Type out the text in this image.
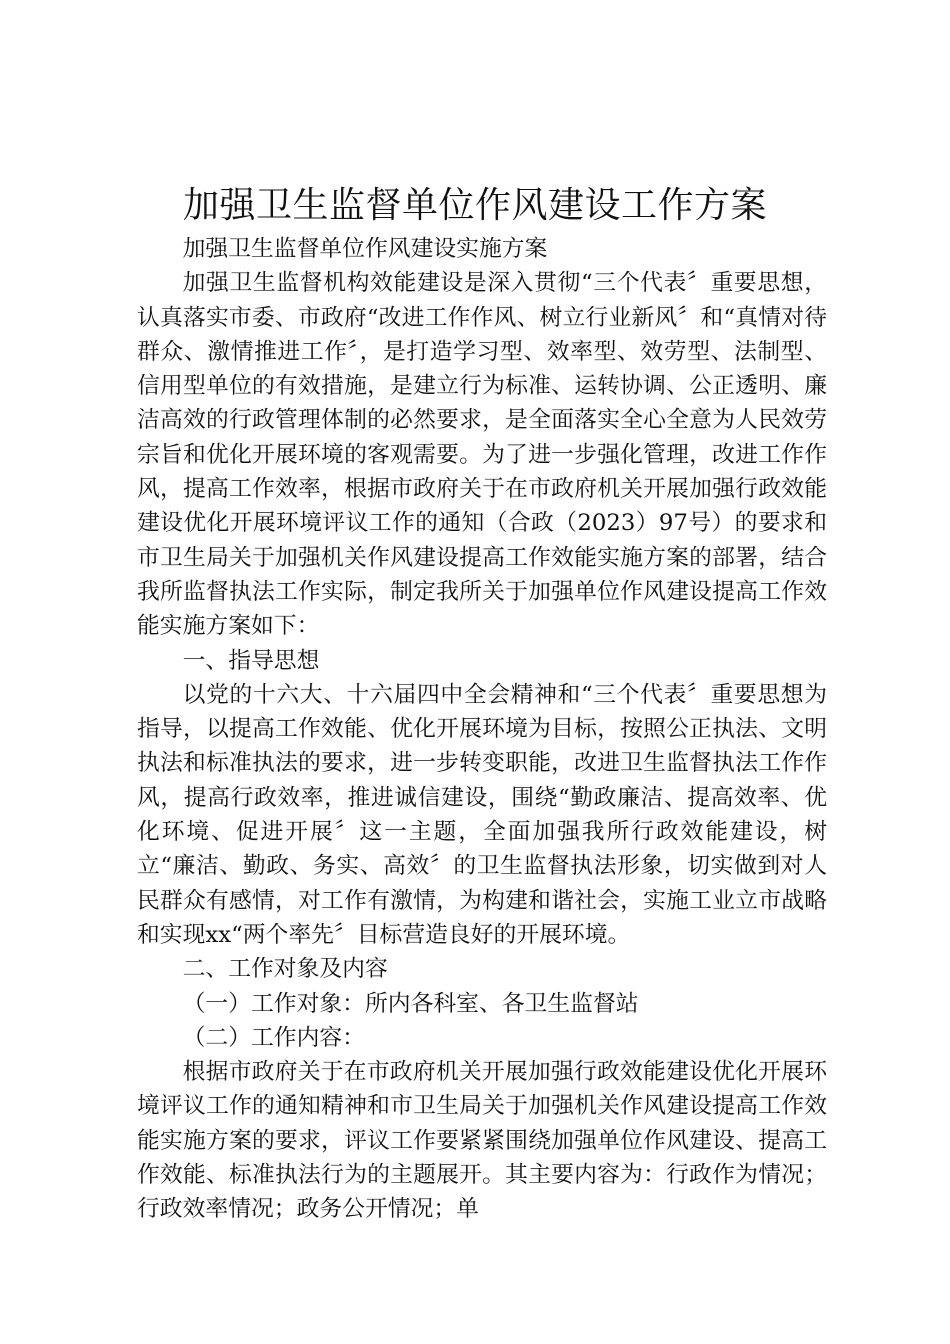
加强卫生监督单位作风建设工作方案

加强卫生监督单位作风建设实施方案

加强卫生监督机构效能建设是深入贯彻“三个代表〞重要思想，认真落实市委、市政府“改进工作作风、树立行业新风〞和“真情对待群众、激情推进工作〞，是打造学习型、效率型、效劳型、法制型、信用型单位的有效措施，是建立行为标准、运转协调、公正透明、廉洁高效的行政管理体制的必然要求，是全面落实全心全意为人民效劳宗旨和优化开展环境的客观需要。为了进一步强化管理，改进工作作风，提高工作效率，根据市政府关于在市政府机关开展加强行政效能建设优化开展环境评议工作的通知（合政（2023）97号）的要求和市卫生局关于加强机关作风建设提高工作效能实施方案的部署，结合我所监督执法工作实际，制定我所关于加强单位作风建设提高工作效能实施方案如下：

一、指导思想

以党的十六大、十六届四中全会精神和“三个代表〞重要思想为指导，以提高工作效能、优化开展环境为目标，按照公正执法、文明执法和标准执法的要求，进一步转变职能，改进卫生监督执法工作作风，提高行政效率，推进诚信建设，围绕“勤政廉洁、提高效率、优化环境、促进开展〞这一主题，全面加强我所行政效能建设，树立“廉洁、勤政、务实、高效〞的卫生监督执法形象，切实做到对人民群众有感情，对工作有激情，为构建和谐社会，实施工业立市战略和实现xx“两个率先〞目标营造良好的开展环境。

二、工作对象及内容

（一）工作对象：所内各科室、各卫生监督站

（二）工作内容：

根据市政府关于在市政府机关开展加强行政效能建设优化开展环境评议工作的通知精神和市卫生局关于加强机关作风建设提高工作效能实施方案的要求，评议工作要紧紧围绕加强单位作风建设、提高工作效能、标准执法行为的主题展开。其主要内容为：行政作为情况；行政效率情况；政务公开情况；单
